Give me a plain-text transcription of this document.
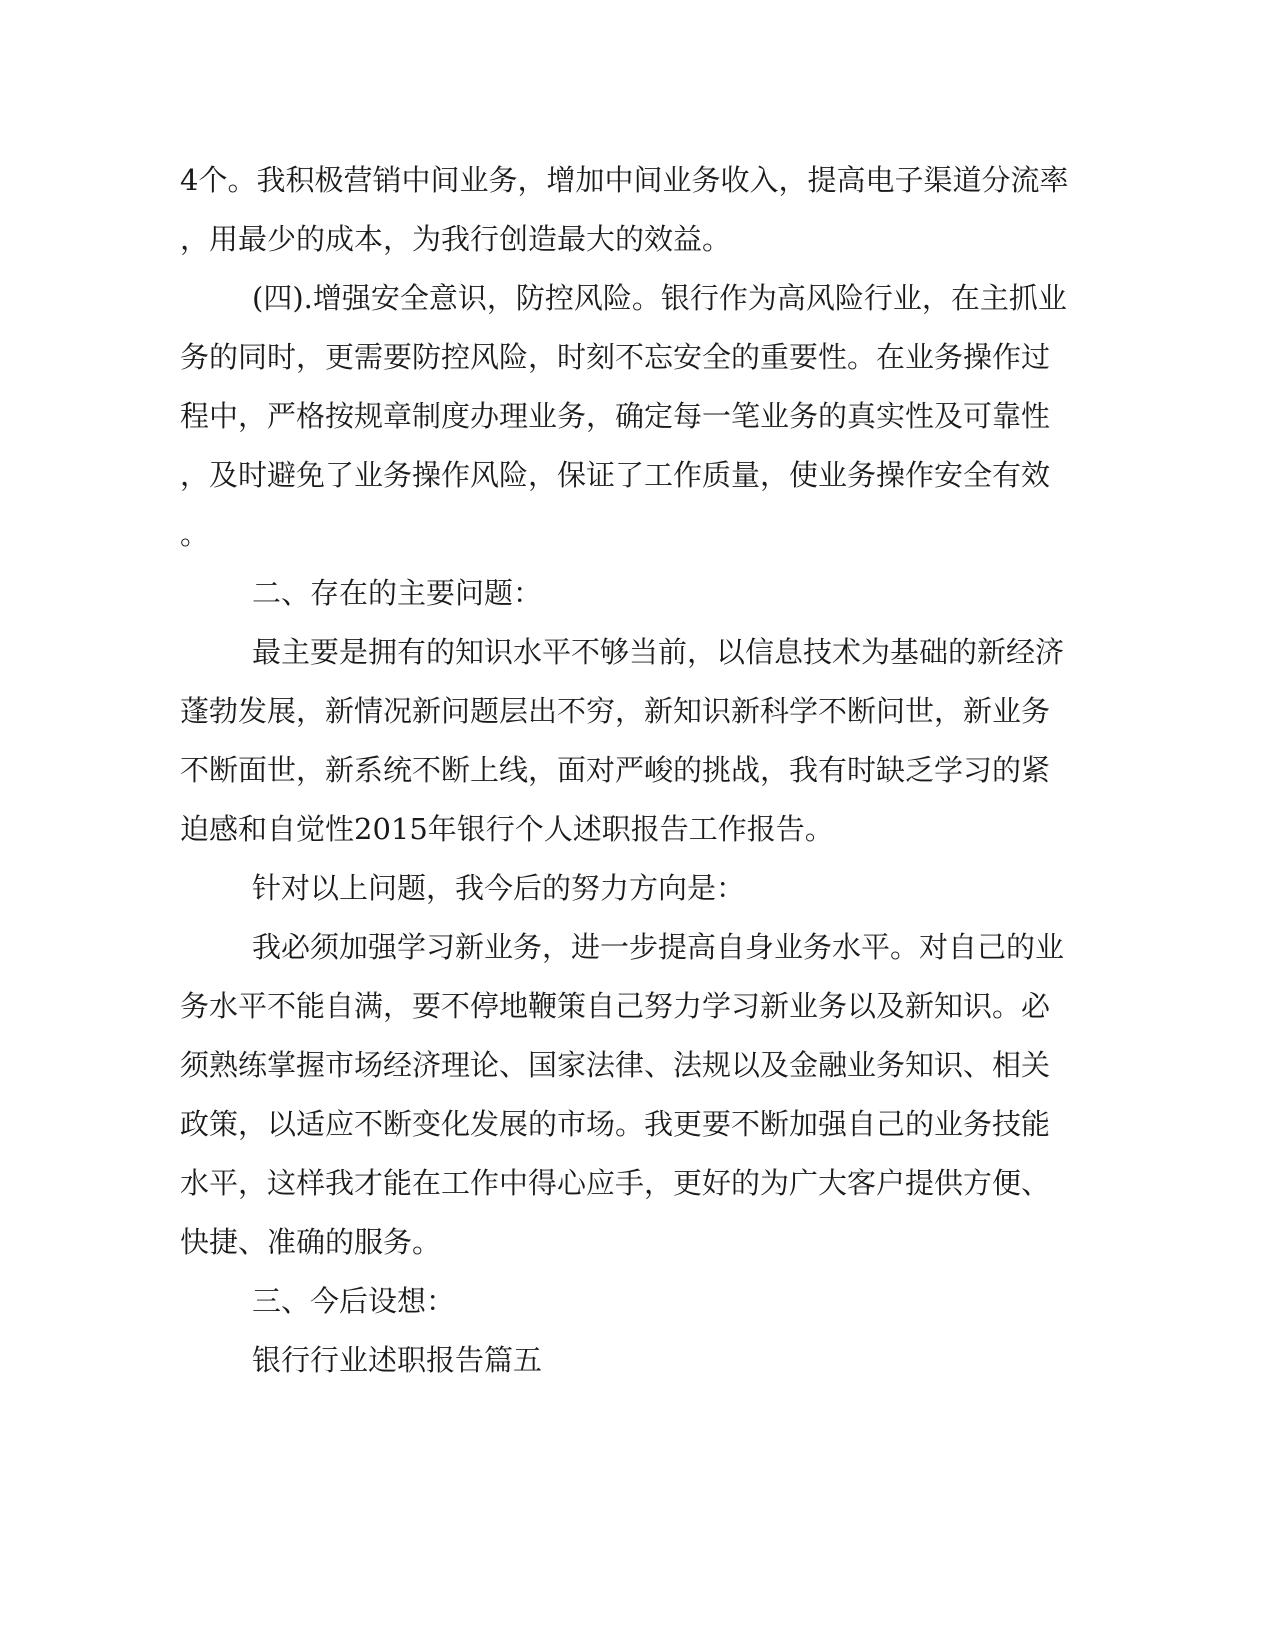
4个。我积极营销中间业务，增加中间业务收入，提高电子渠道分流率
，用最少的成本，为我行创造最大的效益。
(四).增强安全意识，防控风险。银行作为高风险行业，在主抓业
务的同时，更需要防控风险，时刻不忘安全的重要性。在业务操作过
程中，严格按规章制度办理业务，确定每一笔业务的真实性及可靠性
，及时避免了业务操作风险，保证了工作质量，使业务操作安全有效
。
二、存在的主要问题：
最主要是拥有的知识水平不够当前，以信息技术为基础的新经济
蓬勃发展，新情况新问题层出不穷，新知识新科学不断问世，新业务
不断面世，新系统不断上线，面对严峻的挑战，我有时缺乏学习的紧
迫感和自觉性2015年银行个人述职报告工作报告。
针对以上问题，我今后的努力方向是：
我必须加强学习新业务，进一步提高自身业务水平。对自己的业
务水平不能自满，要不停地鞭策自己努力学习新业务以及新知识。必
须熟练掌握市场经济理论、国家法律、法规以及金融业务知识、相关
政策，以适应不断变化发展的市场。我更要不断加强自己的业务技能
水平，这样我才能在工作中得心应手，更好的为广大客户提供方便、
快捷、准确的服务。
三、今后设想：
银行行业述职报告篇五
